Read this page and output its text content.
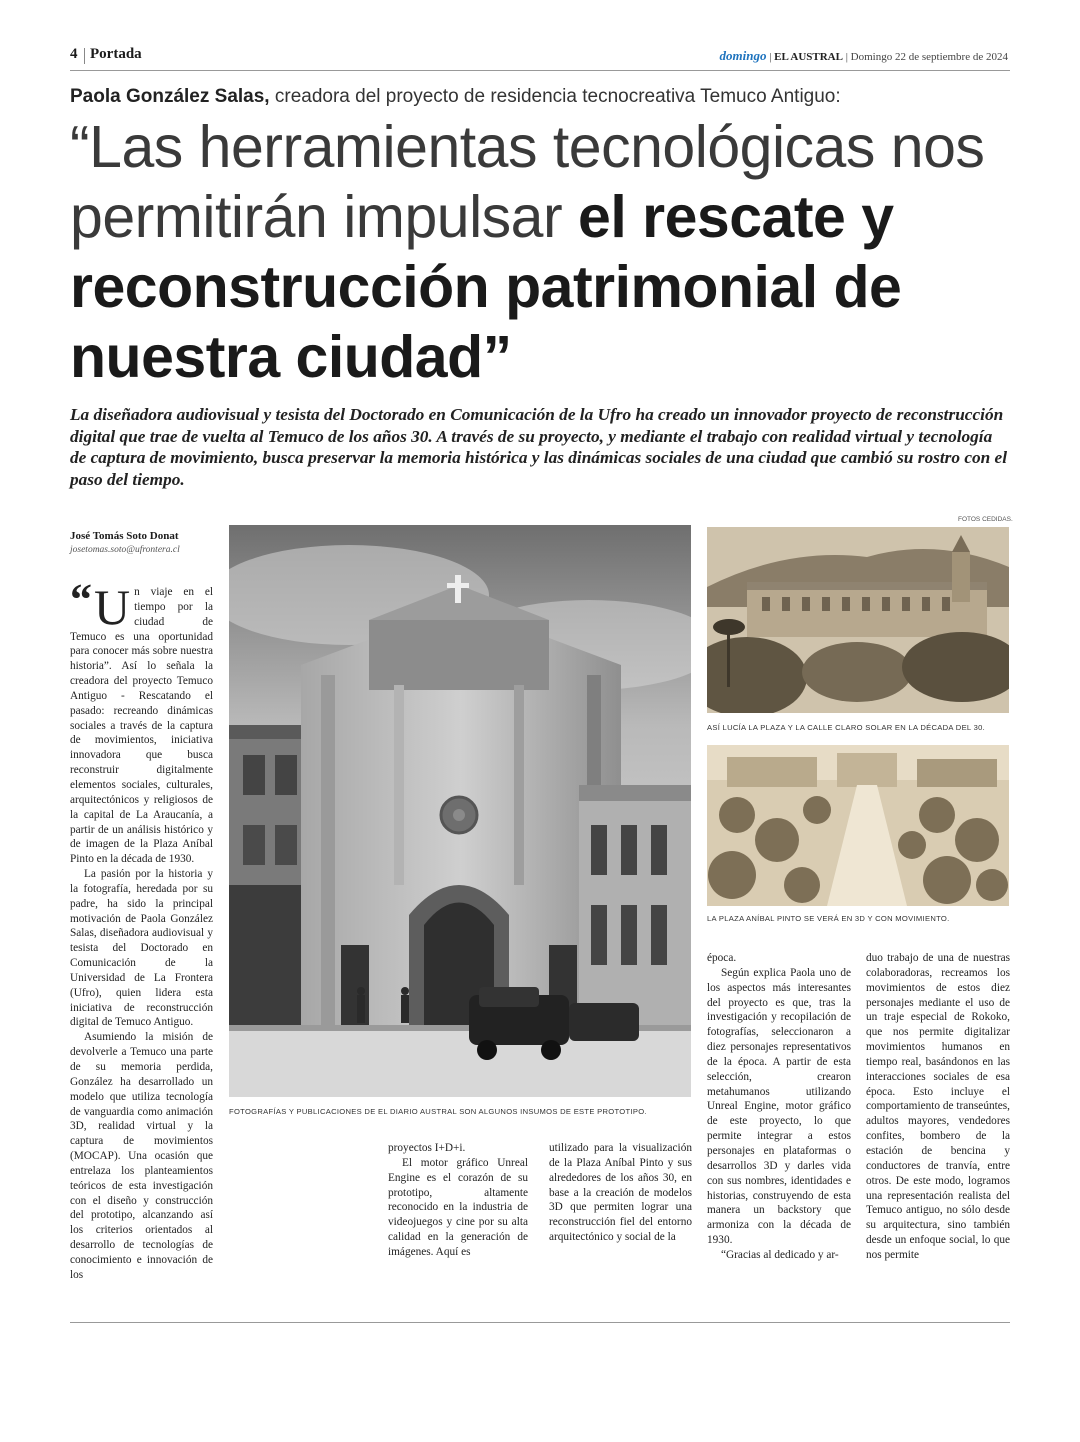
4 Portada	domingo | EL AUSTRAL | Domingo 22 de septiembre de 2024
Paola González Salas, creadora del proyecto de residencia tecnocreativa Temuco Antiguo:
“Las herramientas tecnológicas nos permitirán impulsar el rescate y reconstrucción patrimonial de nuestra ciudad”
La diseñadora audiovisual y tesista del Doctorado en Comunicación de la Ufro ha creado un innovador proyecto de reconstrucción digital que trae de vuelta al Temuco de los años 30. A través de su proyecto, y mediante el trabajo con realidad virtual y tecnología de captura de movimiento, busca preservar la memoria histórica y las dinámicas sociales de una ciudad que cambió su rostro con el paso del tiempo.
José Tomás Soto Donat
josetomas.soto@ufrontera.cl
FOTOS CEDIDAS.
FOTOGRAFÍAS Y PUBLICACIONES DE EL DIARIO AUSTRAL SON ALGUNOS INSUMOS DE ESTE PROTOTIPO.
ASÍ LUCÍA LA PLAZA Y LA CALLE CLARO SOLAR EN LA DÉCADA DEL 30.
LA PLAZA ANÍBAL PINTO SE VERÁ EN 3D Y CON MOVIMIENTO.

“ U n viaje en el tiempo por la ciudad de Temuco es una oportunidad para conocer más sobre nuestra historia”. Así lo señala la creadora del proyecto Temuco Antiguo - Rescatando el pasado: recreando dinámicas sociales a través de la captura de movimientos, iniciativa innovadora que busca reconstruir digitalmente elementos sociales, culturales, arquitectónicos y religiosos de la capital de La Araucanía, a partir de un análisis histórico y de imagen de la Plaza Aníbal Pinto en la década de 1930.

La pasión por la historia y la fotografía, heredada por su padre, ha sido la principal motivación de Paola González Salas, diseñadora audiovisual y tesista del Doctorado en Comunicación de la Universidad de La Frontera (Ufro), quien lidera esta iniciativa de reconstrucción digital de Temuco Antiguo.

Asumiendo la misión de devolverle a Temuco una parte de su memoria perdida, González ha desarrollado un modelo que utiliza tecnología de vanguardia como animación 3D, realidad virtual y la captura de movimientos (MOCAP). Una ocasión que entrelaza los planteamientos teóricos de esta investigación con el diseño y construcción del prototipo, alcanzando así los criterios orientados al desarrollo de tecnologías de conocimiento e innovación de los

proyectos I+D+i.

El motor gráfico Unreal Engine es el corazón de su prototipo, altamente reconocido en la industria de videojuegos y cine por su alta calidad en la generación de imágenes. Aquí es

utilizado para la visualización de la Plaza Aníbal Pinto y sus alrededores de los años 30, en base a la creación de modelos 3D que permiten lograr una reconstrucción fiel del entorno arquitectónico y social de la

época.

Según explica Paola uno de los aspectos más interesantes del proyecto es que, tras la investigación y recopilación de fotografías, seleccionaron a diez personajes representativos de la época. A partir de esta selección, crearon metahumanos utilizando Unreal Engine, motor gráfico de este proyecto, lo que permite integrar a estos personajes en plataformas o desarrollos 3D y darles vida con sus nombres, identidades e historias, construyendo de esta manera un backstory que armoniza con la década de 1930.

“Gracias al dedicado y ar-

duo trabajo de una de nuestras colaboradoras, recreamos los movimientos de estos diez personajes mediante el uso de un traje especial de Rokoko, que nos permite digitalizar movimientos humanos en tiempo real, basándonos en las interacciones sociales de esa época. Esto incluye el comportamiento de transeúntes, adultos mayores, vendedores confites, bombero de la estación de bencina y conductores de tranvía, entre otros. De este modo, logramos una representación realista del Temuco antiguo, no sólo desde su arquitectura, sino también desde un enfoque social, lo que nos permite
